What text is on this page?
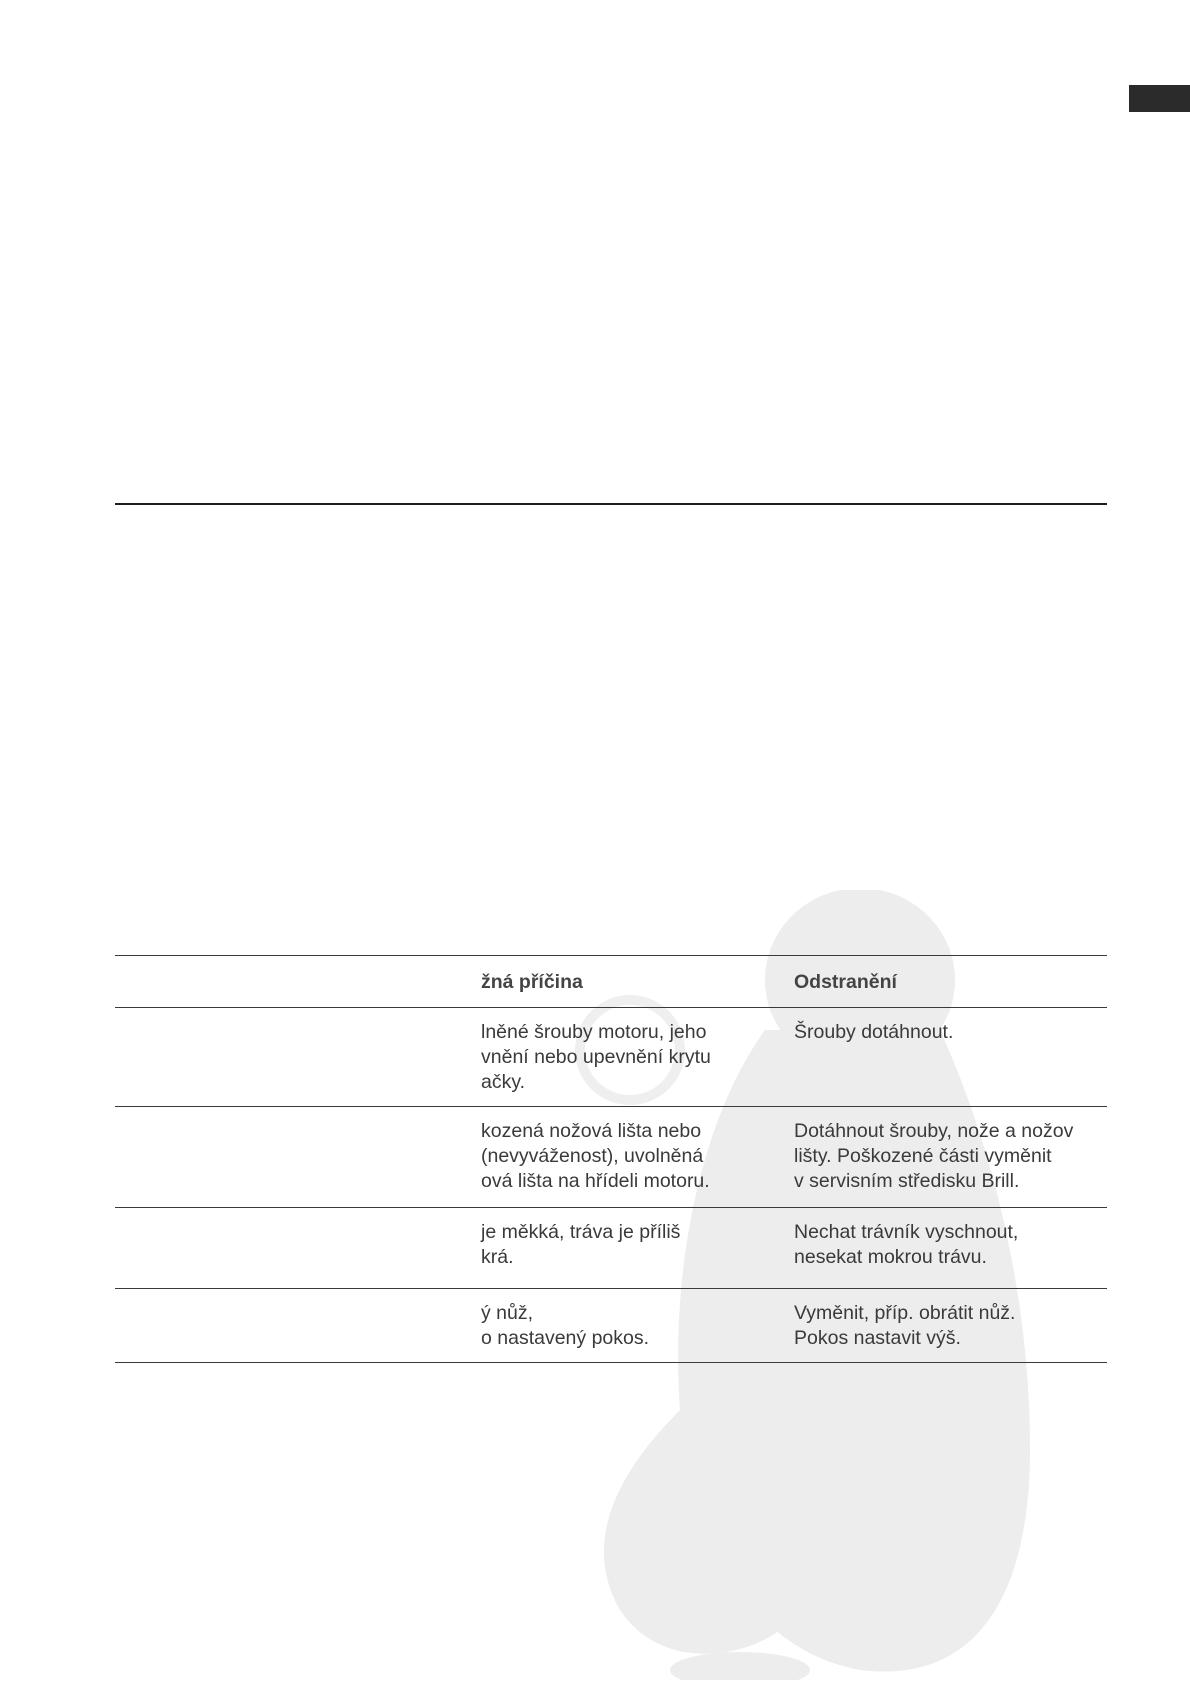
žná příčina	Odstranění
lněné šrouby motoru, jeho
vnění nebo upevnění krytu
ačky.
Šrouby dotáhnout.
kozená nožová lišta nebo
(nevyváženost), uvolněná
ová lišta na hřídeli motoru.
Dotáhnout šrouby, nože a nožov
lišty. Poškozené části vyměnit
v servisním středisku Brill.
je měkká, tráva je příliš
krá.
Nechat trávník vyschnout,
nesekat mokrou trávu.
ý nůž,
o nastavený pokos.
Vyměnit, příp. obrátit nůž.
Pokos nastavit výš.
